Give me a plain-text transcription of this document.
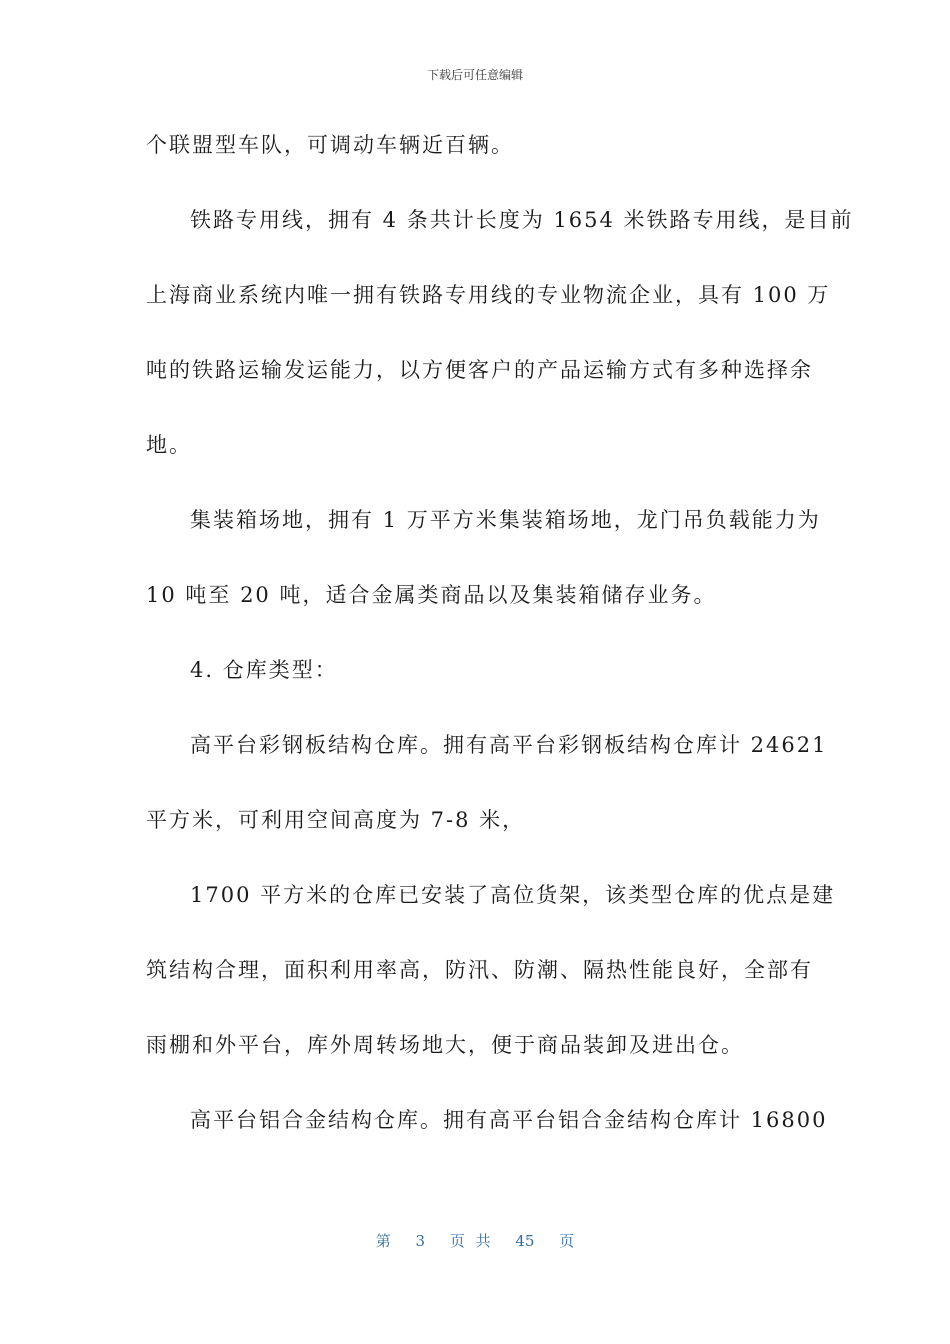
下载后可任意编辑
个联盟型车队，可调动车辆近百辆。
铁路专用线，拥有 4 条共计长度为 1654 米铁路专用线，是目前
上海商业系统内唯一拥有铁路专用线的专业物流企业，具有 100 万
吨的铁路运输发运能力，以方便客户的产品运输方式有多种选择余
地。
集装箱场地，拥有 1 万平方米集装箱场地，龙门吊负载能力为
10 吨至 20 吨，适合金属类商品以及集装箱储存业务。
4. 仓库类型：
高平台彩钢板结构仓库。拥有高平台彩钢板结构仓库计 24621
平方米，可利用空间高度为 7-8 米，
1700 平方米的仓库已安装了高位货架，该类型仓库的优点是建
筑结构合理，面积利用率高，防汛、防潮、隔热性能良好，全部有
雨棚和外平台，库外周转场地大，便于商品装卸及进出仓。
高平台铝合金结构仓库。拥有高平台铝合金结构仓库计 16800
第 3 页 共 45 页
